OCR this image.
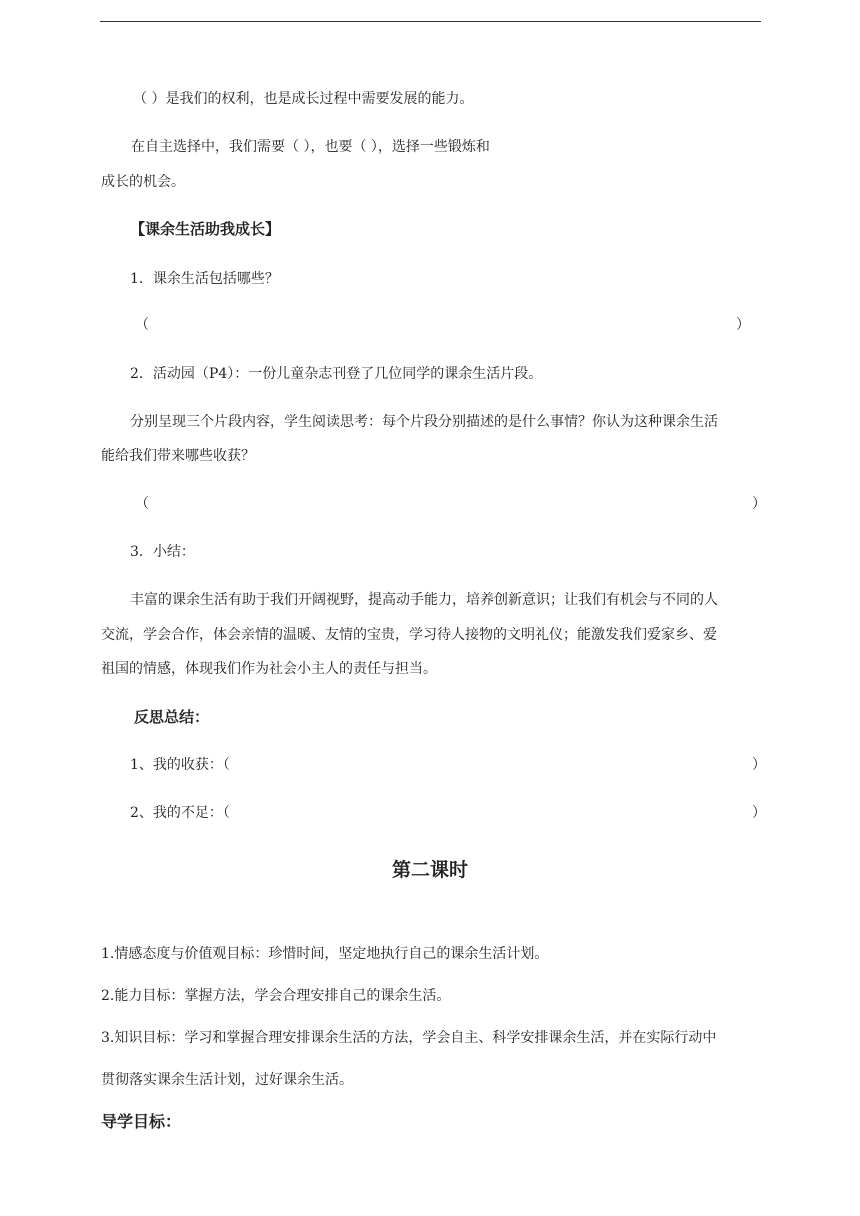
（ ）是我们的权利，也是成长过程中需要发展的能力。
在自主选择中，我们需要（ ），也要（ ），选择一些锻炼和
成长的机会。
【课余生活助我成长】
1．课余生活包括哪些？
（	）
2．活动园（P4）：一份儿童杂志刊登了几位同学的课余生活片段。
分别呈现三个片段内容，学生阅读思考：每个片段分别描述的是什么事情？你认为这种课余生活
能给我们带来哪些收获？
（	）
3．小结：
丰富的课余生活有助于我们开阔视野，提高动手能力，培养创新意识；让我们有机会与不同的人
交流，学会合作，体会亲情的温暖、友情的宝贵，学习待人接物的文明礼仪；能激发我们爱家乡、爱
祖国的情感，体现我们作为社会小主人的责任与担当。
反思总结：
1、我的收获：（	）
2、我的不足：（	）
第二课时
1.情感态度与价值观目标：珍惜时间，坚定地执行自己的课余生活计划。
2.能力目标：掌握方法，学会合理安排自己的课余生活。
3.知识目标：学习和掌握合理安排课余生活的方法，学会自主、科学安排课余生活，并在实际行动中
贯彻落实课余生活计划，过好课余生活。
导学目标：
